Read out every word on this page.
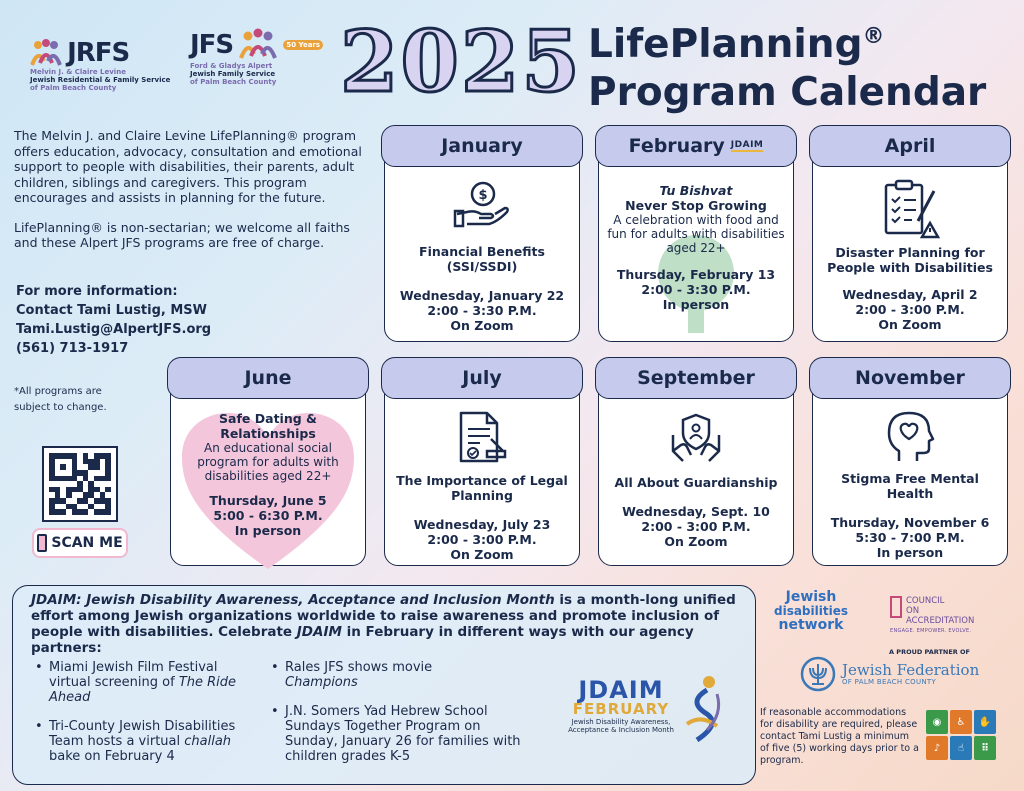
JRFS
Melvin J. & Claire Levine
Jewish Residential & Family Service
of Palm Beach County
JFS	50 Years
Ford & Gladys Alpert
Jewish Family Service
of Palm Beach County 2025 LifePlanning®
Program Calendar

The Melvin J. and Claire Levine LifePlanning® program offers education, advocacy, consultation and emotional support to people with disabilities, their parents, adult children, siblings and caregivers. This program encourages and assists in planning for the future.

LifePlanning® is non-sectarian; we welcome all faiths and these Alpert JFS programs are free of charge.

For more information:
Contact Tami Lustig, MSW
Tami.Lustig@AlpertJFS.org
(561) 713-1917
*All programs are subject to change.
SCAN ME
January
$
Financial Benefits (SSI/SSDI)
Wednesday, January 22
2:00 - 3:30 P.M.
On Zoom
February JDAIM
Tu Bishvat
Never Stop Growing
A celebration with food and fun for adults with disabilities aged 22+
Thursday, February 13
2:00 - 3:30 P.M.
In person
April
Disaster Planning for People with Disabilities
Wednesday, April 2
2:00 - 3:00 P.M.
On Zoom
June
Safe Dating & Relationships
An educational social program for adults with disabilities aged 22+
Thursday, June 5
5:00 - 6:30 P.M.
In person
July
The Importance of Legal Planning
Wednesday, July 23
2:00 - 3:00 P.M.
On Zoom
September
All About Guardianship
Wednesday, Sept. 10
2:00 - 3:00 P.M.
On Zoom
November
Stigma Free Mental Health
Thursday, November 6
5:30 - 7:00 P.M.
In person
JDAIM: Jewish Disability Awareness, Acceptance and Inclusion Month is a month-long unified effort among Jewish organizations worldwide to raise awareness and promote inclusion of people with disabilities. Celebrate JDAIM in February in different ways with our agency partners:
• Miami Jewish Film Festival virtual screening of The Ride Ahead
• Tri-County Jewish Disabilities Team hosts a virtual challah bake on February 4
• Rales JFS shows movie
Champions
• J.N. Somers Yad Hebrew School Sundays Together Program on Sunday, January 26 for families with children grades K-5
JDAIM
FEBRUARY
Jewish Disability Awareness,
Acceptance & Inclusion Month
Jewish
disabilities
network
COUNCIL
ON
ACCREDITATION
ENGAGE. EMPOWER. EVOLVE.
A PROUD PARTNER OF
Jewish Federation
OF PALM BEACH COUNTY
If reasonable accommodations for disability are required, please contact Tami Lustig a minimum of five (5) working days prior to a program.
◉	♿	✋
♪	☝	⠿
